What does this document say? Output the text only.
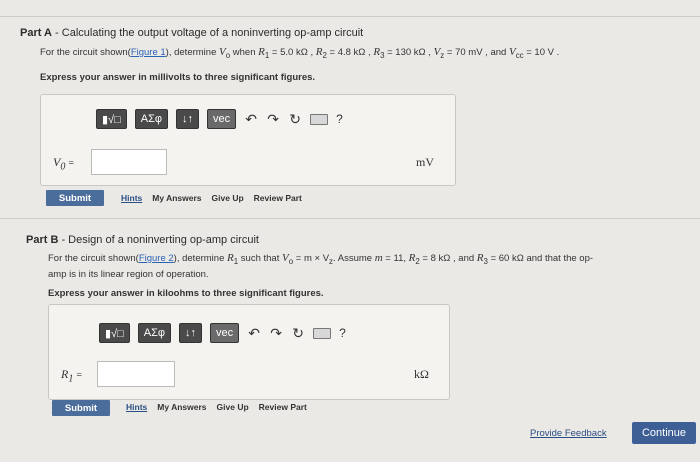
Part A - Calculating the output voltage of a noninverting op-amp circuit
For the circuit shown(Figure 1), determine $V_o$ when $R_1 = 5.0$ kΩ , $R_2 = 4.8$ kΩ , $R_3 = 130$ kΩ , $V_z = 70$ mV , and $V_{cc} = 10$ V .
Express your answer in millivolts to three significant figures.
▮√□	ΑΣφ	↓↑	vec	↶ ↷ ↻	?
$V_0$ =	mV
Submit	Hints My Answers Give Up Review Part
Part B - Design of a noninverting op-amp circuit
For the circuit shown(Figure 2), determine $R_1$ such that $V_o = m \times V_z$. Assume m = 11, $R_2 = 8$ kΩ , and $R_3 = 60$ kΩ and that the op-
amp is in its linear region of operation.
Express your answer in kiloohms to three significant figures.
▮√□	ΑΣφ	↓↑	vec	↶ ↷ ↻	?
$R_1$ =	kΩ
Submit	Hints My Answers Give Up Review Part
Provide Feedback	Continue
